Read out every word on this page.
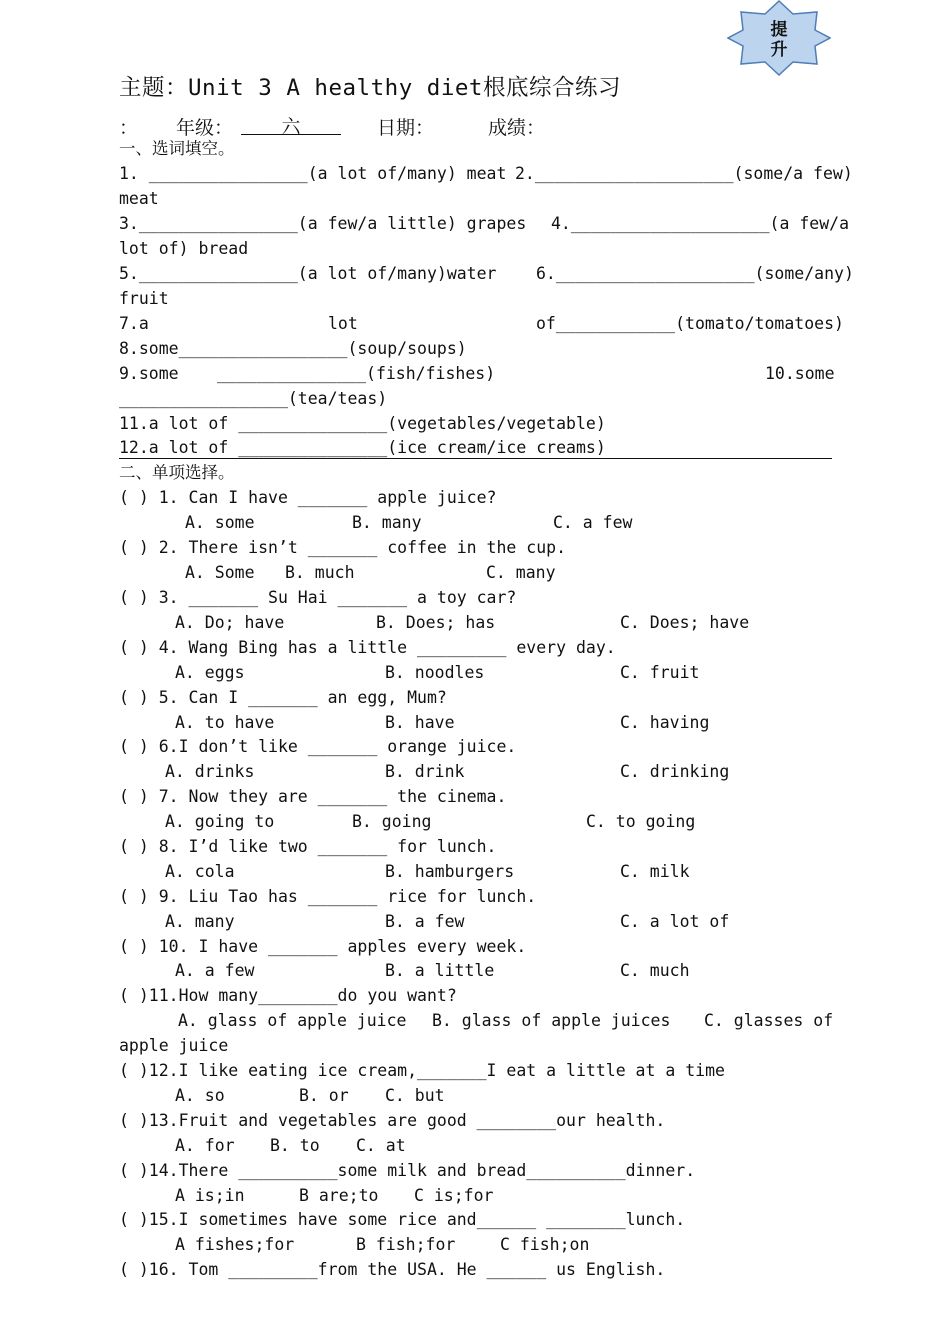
提
升
主题：Unit 3 A healthy diet根底综合练习
： 年级：	六	日期：	成绩：
一、选词填空。
1. ________________(a lot of/many) meat 2.____________________(some/a few)
meat
3.________________(a few/a little) grapes 4.____________________(a few/a
lot of) bread
5.________________(a lot of/many)water 6.____________________(some/any)
fruit
7.a	lot	of____________(tomato/tomatoes)
8.some_________________(soup/soups)
9.some _______________(fish/fishes)	10.some
_________________(tea/teas)
11.a lot of _______________(vegetables/vegetable)
12.a lot of _______________(ice cream/ice creams)
二、单项选择。
( ) 1. Can I have _______ apple juice?
A. some	B. many	C. a few
( ) 2. There isn’t _______ coffee in the cup.
A. Some B. much	C. many
( ) 3. _______ Su Hai _______ a toy car?
A. Do; have	B. Does; has	C. Does; have
( ) 4. Wang Bing has a little _________ every day.
A. eggs	B. noodles	C. fruit
( ) 5. Can I _______ an egg, Mum?
A. to have	B. have	C. having
( ) 6.I don’t like _______ orange juice.
A. drinks	B. drink	C. drinking
( ) 7. Now they are _______ the cinema.
A. going to	B. going	C. to going
( ) 8. I’d like two _______ for lunch.
A. cola	B. hamburgers	C. milk
( ) 9. Liu Tao has _______ rice for lunch.
A. many	B. a few	C. a lot of
( ) 10. I have _______ apples every week.
A. a few	B. a little	C. much
( )11.How many________do you want?
A. glass of apple juice B. glass of apple juices C. glasses of
apple juice
( )12.I like eating ice cream,_______I eat a little at a time
A. so	B. or C. but
( )13.Fruit and vegetables are good ________our health.
A. for B. to C. at
( )14.There __________some milk and bread__________dinner.
A is;in	B are;to C is;for
( )15.I sometimes have some rice and______ ________lunch.
A fishes;for	B fish;for	C fish;on
( )16. Tom _________from the USA. He ______ us English.
